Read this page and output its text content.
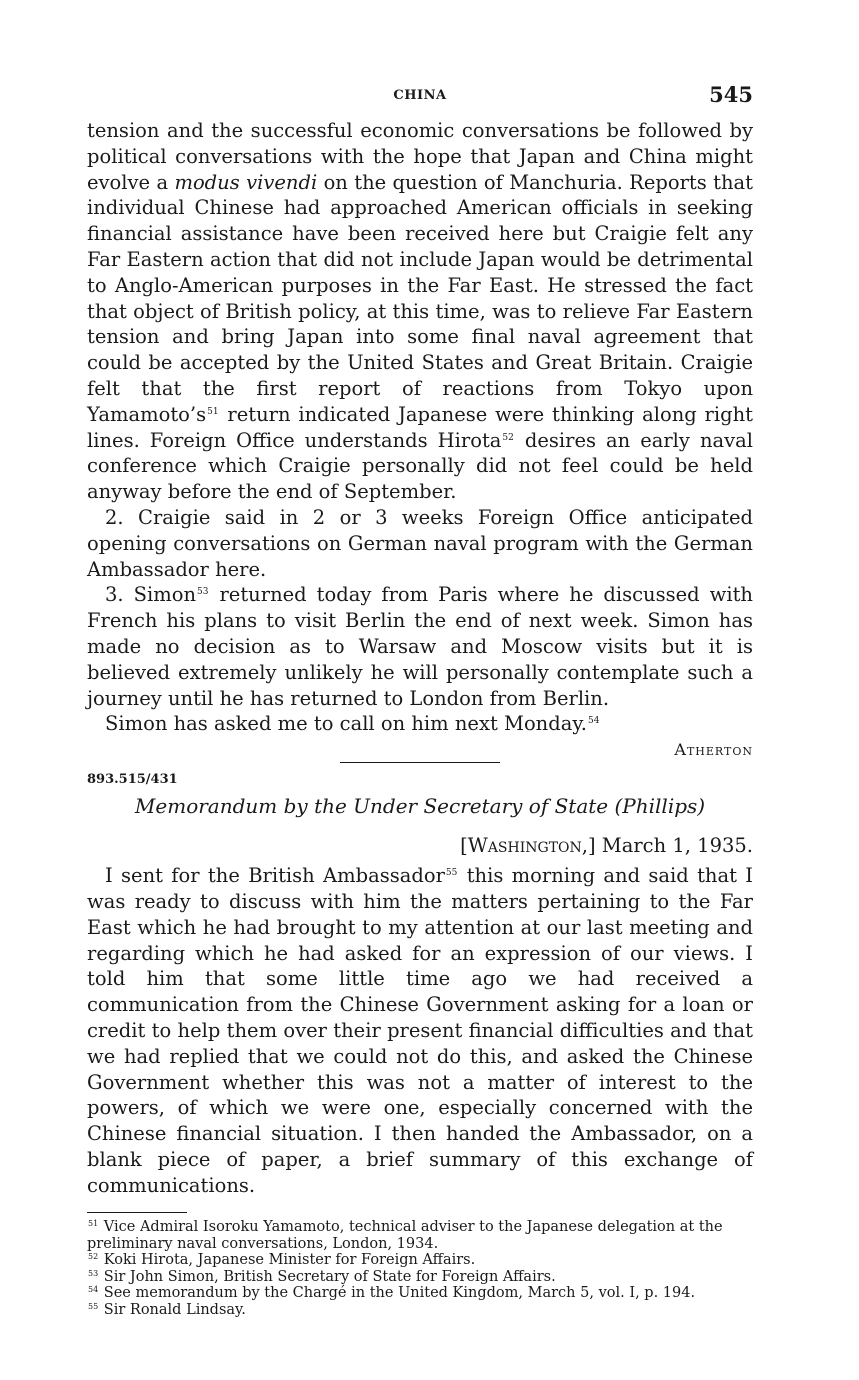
CHINA	545

tension and the successful economic conversations be followed by political conversations with the hope that Japan and China might evolve a modus vivendi on the question of Manchuria. Reports that individual Chinese had approached American officials in seeking financial assistance have been received here but Craigie felt any Far Eastern action that did not include Japan would be detrimental to Anglo-American purposes in the Far East. He stressed the fact that object of British policy, at this time, was to relieve Far Eastern tension and bring Japan into some final naval agreement that could be accepted by the United States and Great Britain. Craigie felt that the first report of reactions from Tokyo upon $Yamamoto’s^{51}$ return indicated Japanese were thinking along right lines. Foreign Office understands Hirota$^{52}$ desires an early naval conference which Craigie personally did not feel could be held anyway before the end of September.

2. Craigie said in 2 or 3 weeks Foreign Office anticipated opening conversations on German naval program with the German Ambassador here.

3. Simon$^{53}$ returned today from Paris where he discussed with French his plans to visit Berlin the end of next week. Simon has made no decision as to Warsaw and Moscow visits but it is believed extremely unlikely he will personally contemplate such a journey until he has returned to London from Berlin.

Simon has asked me to call on him next Monday.$^{54}$

Atherton
893.515/431
Memorandum by the Under Secretary of State (Phillips)
[Washington,] March 1, 1935.

I sent for the British Ambassador$^{55}$ this morning and said that I was ready to discuss with him the matters pertaining to the Far East which he had brought to my attention at our last meeting and regarding which he had asked for an expression of our views. I told him that some little time ago we had received a communication from the Chinese Government asking for a loan or credit to help them over their present financial difficulties and that we had replied that we could not do this, and asked the Chinese Government whether this was not a matter of interest to the powers, of which we were one, especially concerned with the Chinese financial situation. I then handed the Ambassador, on a blank piece of paper, a brief summary of this exchange of communications.

$^{51}$ Vice Admiral Isoroku Yamamoto, technical adviser to the Japanese delegation at the preliminary naval conversations, London, 1934.

$^{52}$ Koki Hirota, Japanese Minister for Foreign Affairs.

$^{53}$ Sir John Simon, British Secretary of State for Foreign Affairs.

$^{54}$ See memorandum by the Chargé in the United Kingdom, March 5, vol. I, p. 194.

$^{55}$ Sir Ronald Lindsay.
